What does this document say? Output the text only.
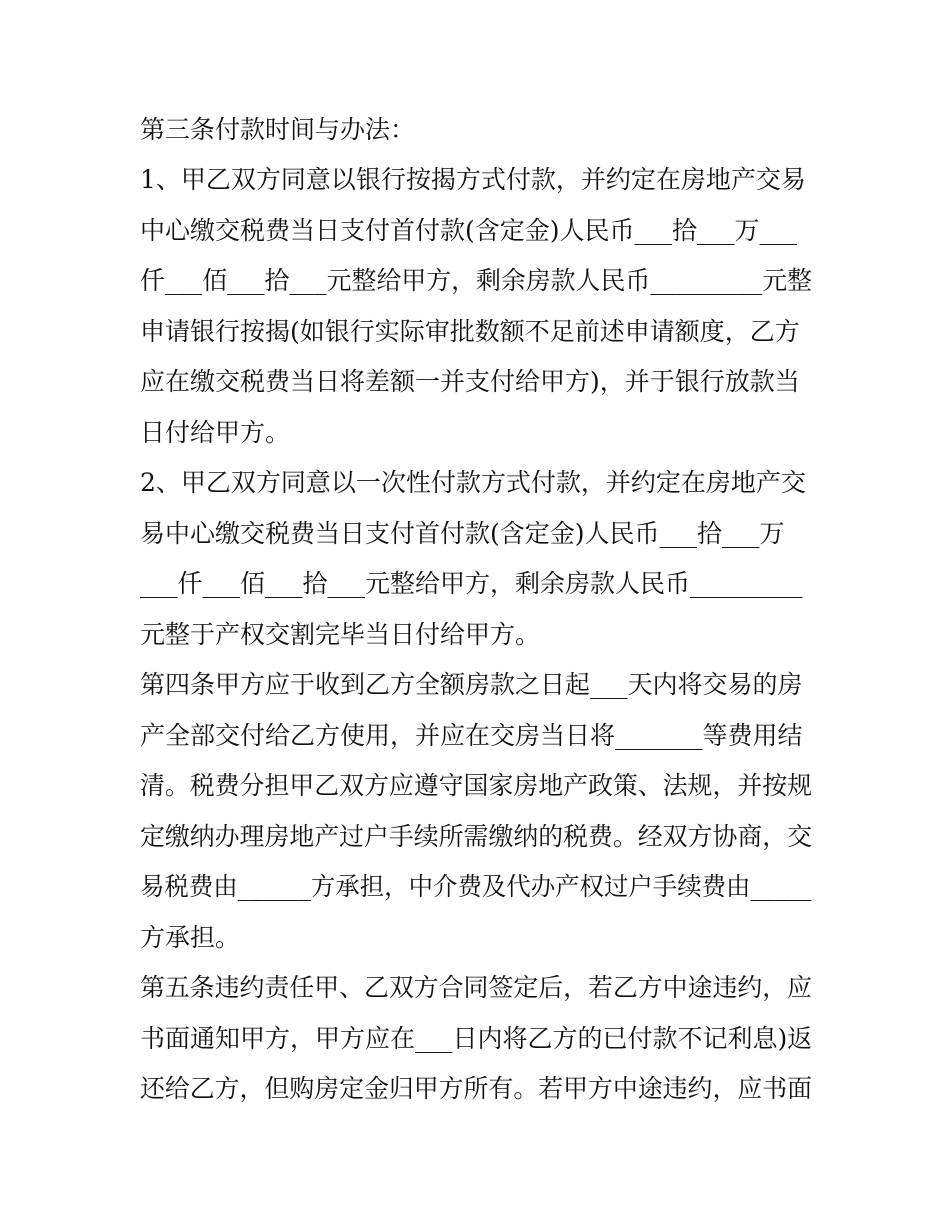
第三条付款时间与办法：
1、甲乙双方同意以银行按揭方式付款，并约定在房地产交易
中心缴交税费当日支付首付款(含定金)人民币___拾___万___
仟___佰___拾___元整给甲方，剩余房款人民币_________元整
申请银行按揭(如银行实际审批数额不足前述申请额度，乙方
应在缴交税费当日将差额一并支付给甲方)，并于银行放款当
日付给甲方。
2、甲乙双方同意以一次性付款方式付款，并约定在房地产交
易中心缴交税费当日支付首付款(含定金)人民币___拾___万
___仟___佰___拾___元整给甲方，剩余房款人民币_________
元整于产权交割完毕当日付给甲方。
第四条甲方应于收到乙方全额房款之日起___天内将交易的房
产全部交付给乙方使用，并应在交房当日将_______等费用结
清。税费分担甲乙双方应遵守国家房地产政策、法规，并按规
定缴纳办理房地产过户手续所需缴纳的税费。经双方协商，交
易税费由______方承担，中介费及代办产权过户手续费由_____
方承担。
第五条违约责任甲、乙双方合同签定后，若乙方中途违约，应
书面通知甲方，甲方应在___日内将乙方的已付款不记利息)返
还给乙方，但购房定金归甲方所有。若甲方中途违约，应书面
